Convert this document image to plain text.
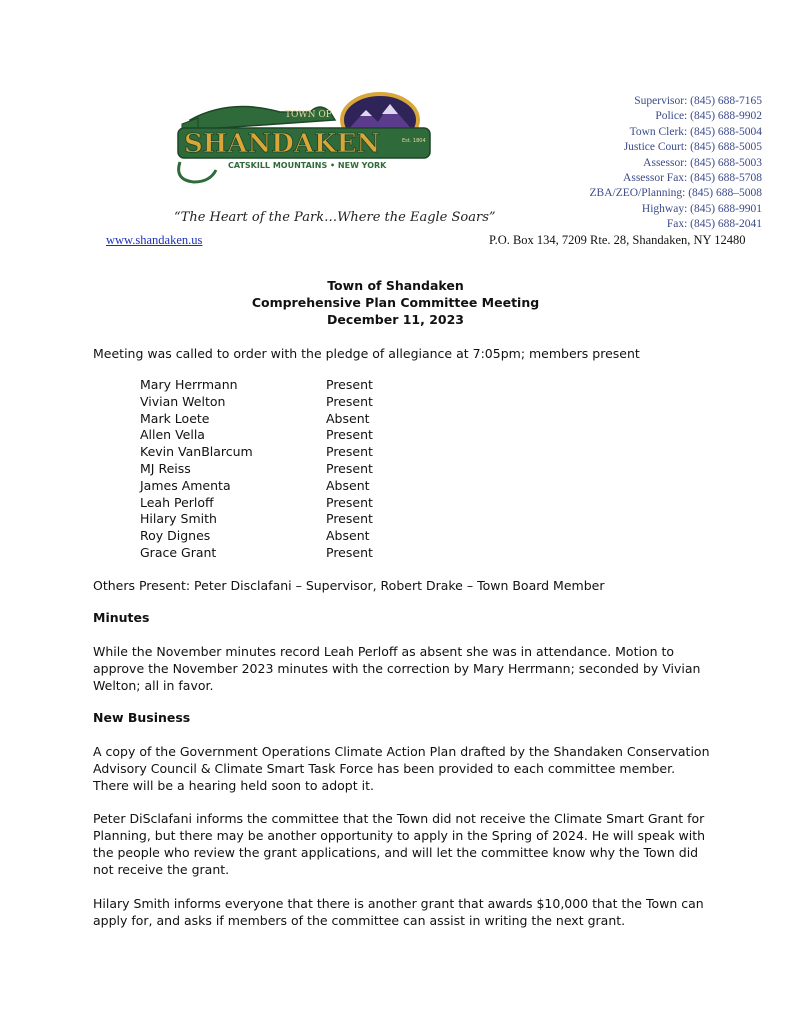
TOWN OF
SHANDAKEN	Est. 1804
CATSKILL MOUNTAINS • NEW YORK
“The Heart of the Park…Where the Eagle Soars”
www.shandaken.us	P.O. Box 134, 7209 Rte. 28, Shandaken, NY 12480
Supervisor: (845) 688-7165
Police: (845) 688-9902
Town Clerk: (845) 688-5004
Justice Court: (845) 688-5005
Assessor: (845) 688-5003
Assessor Fax: (845) 688-5708
ZBA/ZEO/Planning: (845) 688–5008
Highway: (845) 688-9901
Fax: (845) 688-2041
Town of Shandaken
Comprehensive Plan Committee Meeting
December 11, 2023
Meeting was called to order with the pledge of allegiance at 7:05pm; members present
Mary Herrmann	Present
Vivian Welton	Present
Mark Loete	Absent
Allen Vella	Present
Kevin VanBlarcum	Present
MJ Reiss	Present
James Amenta	Absent
Leah Perloff	Present
Hilary Smith	Present
Roy Dignes	Absent
Grace Grant	Present
Others Present: Peter Disclafani – Supervisor, Robert Drake – Town Board Member
Minutes
While the November minutes record Leah Perloff as absent she was in attendance. Motion to approve the November 2023 minutes with the correction by Mary Herrmann; seconded by Vivian Welton; all in favor.
New Business
A copy of the Government Operations Climate Action Plan drafted by the Shandaken Conservation Advisory Council & Climate Smart Task Force has been provided to each committee member. There will be a hearing held soon to adopt it.
Peter DiSclafani informs the committee that the Town did not receive the Climate Smart Grant for Planning, but there may be another opportunity to apply in the Spring of 2024. He will speak with the people who review the grant applications, and will let the committee know why the Town did not receive the grant.
Hilary Smith informs everyone that there is another grant that awards $10,000 that the Town can apply for, and asks if members of the committee can assist in writing the next grant.
